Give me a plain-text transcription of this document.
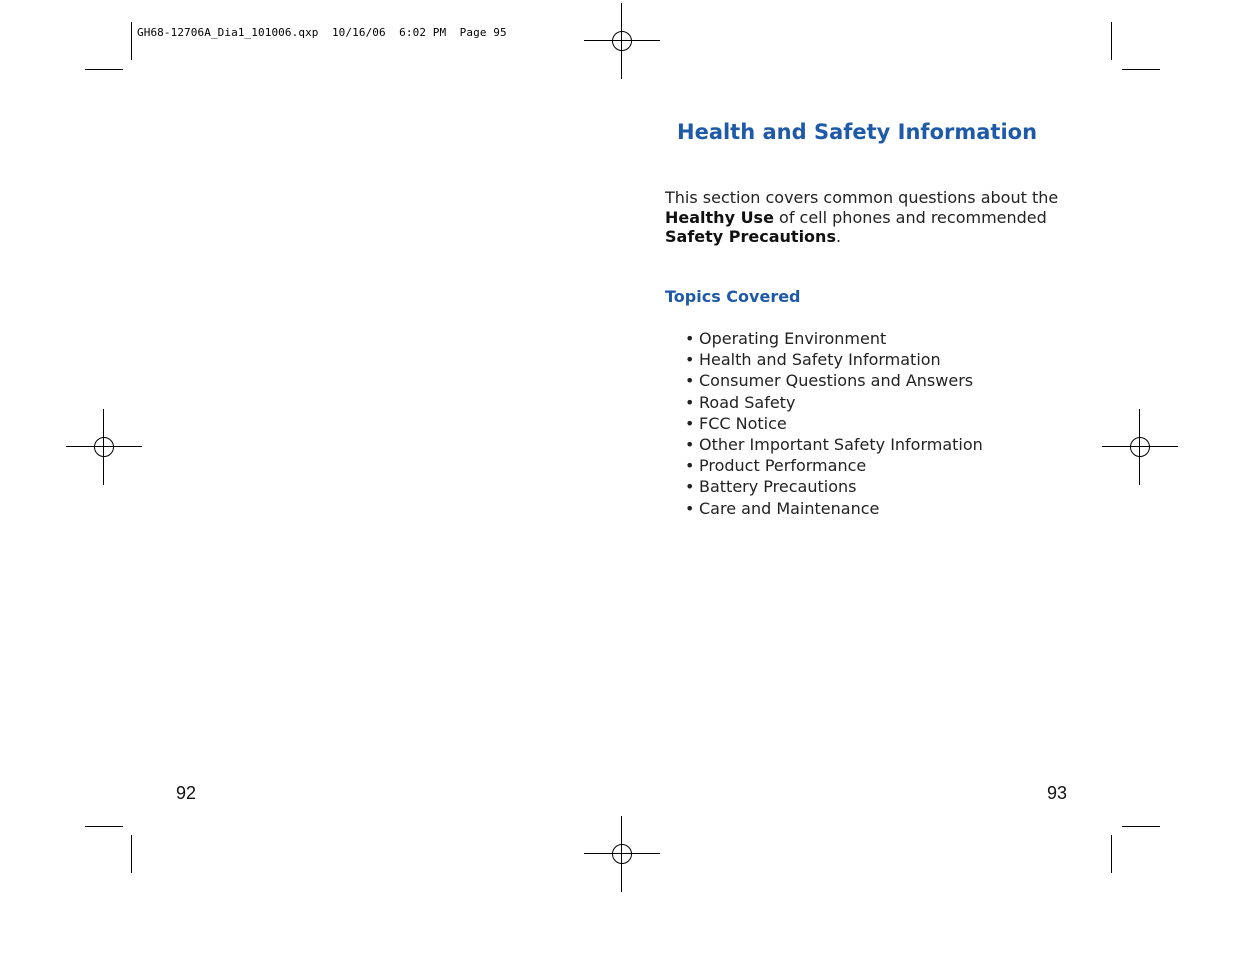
GH68-12706A_Dia1_101006.qxp  10/16/06  6:02 PM  Page 95
Health and Safety Information

This section covers common questions about the Healthy Use of cell phones and recommended Safety Precautions.

Topics Covered
• Operating Environment
• Health and Safety Information
• Consumer Questions and Answers
• Road Safety
• FCC Notice
• Other Important Safety Information
• Product Performance
• Battery Precautions
• Care and Maintenance
92	93
